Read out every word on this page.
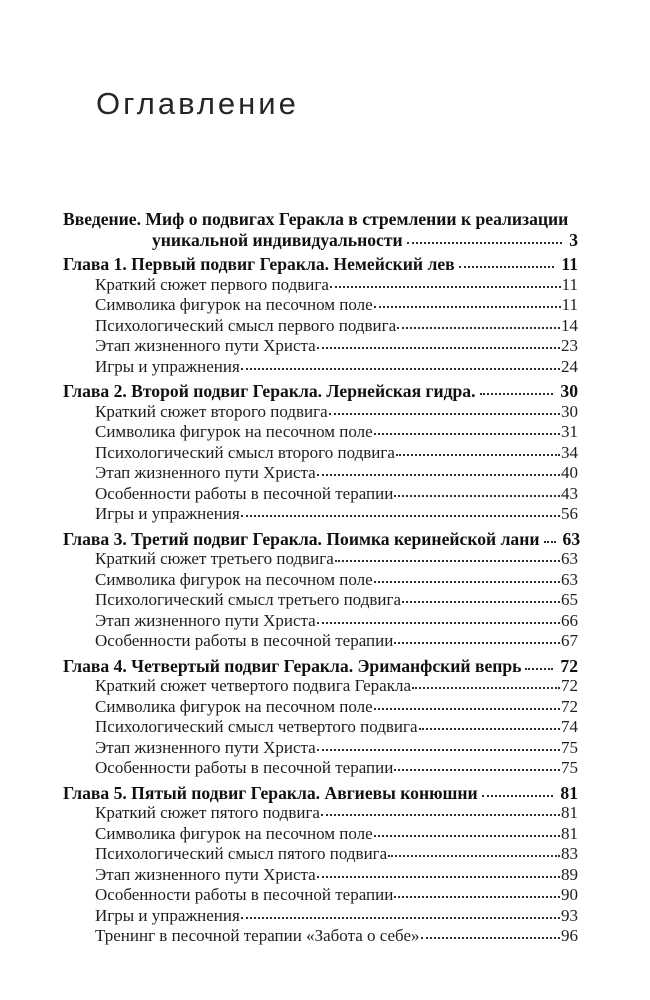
Оглавление
Введение. Миф о подвигах Геракла в стремлении к реализации
уникальной индивидуальности	3
Глава 1. Первый подвиг Геракла. Немейский лев	11
Краткий сюжет первого подвига	11
Символика фигурок на песочном поле	11
Психологический смысл первого подвига	14
Этап жизненного пути Христа	23
Игры и упражнения	24
Глава 2. Второй подвиг Геракла. Лернейская гидра.	30
Краткий сюжет второго подвига	30
Символика фигурок на песочном поле	31
Психологический смысл второго подвига	34
Этап жизненного пути Христа	40
Особенности работы в песочной терапии	43
Игры и упражнения	56
Глава 3. Третий подвиг Геракла. Поимка керинейской лани	63
Краткий сюжет третьего подвига	63
Символика фигурок на песочном поле	63
Психологический смысл третьего подвига	65
Этап жизненного пути Христа	66
Особенности работы в песочной терапии	67
Глава 4. Четвертый подвиг Геракла. Эриманфский вепрь	72
Краткий сюжет четвертого подвига Геракла	72
Символика фигурок на песочном поле	72
Психологический смысл четвертого подвига	74
Этап жизненного пути Христа	75
Особенности работы в песочной терапии	75
Глава 5. Пятый подвиг Геракла. Авгиевы конюшни	81
Краткий сюжет пятого подвига	81
Символика фигурок на песочном поле	81
Психологический смысл пятого подвига	83
Этап жизненного пути Христа	89
Особенности работы в песочной терапии	90
Игры и упражнения	93
Тренинг в песочной терапии «Забота о себе»	96
